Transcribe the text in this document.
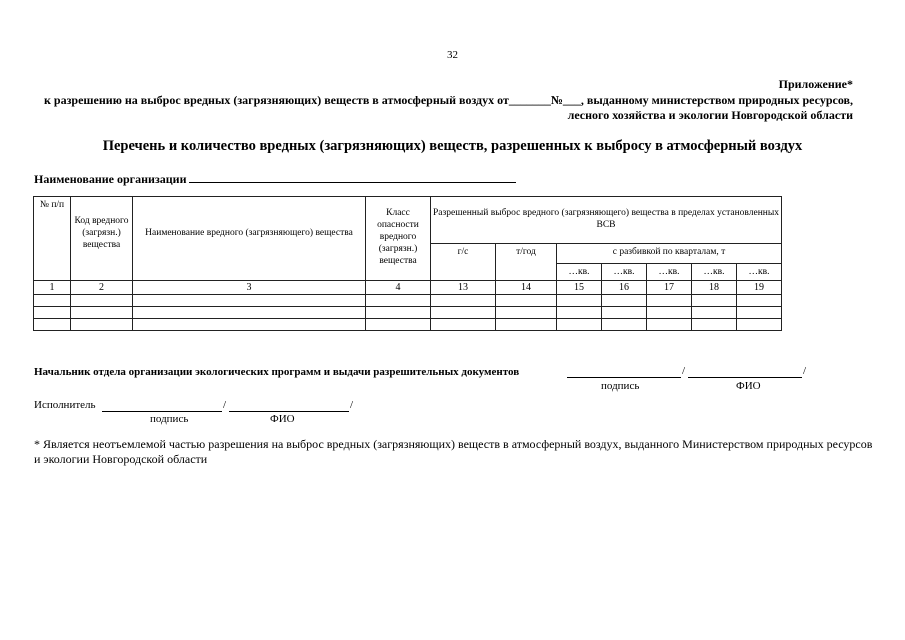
32
Приложение*
к разрешению на выброс вредных (загрязняющих) веществ в атмосферный воздух от_______№___, выданному министерством природных ресурсов, лесного хозяйства и экологии Новгородской области
Перечень и количество вредных (загрязняющих) веществ, разрешенных к выбросу в атмосферный воздух
Наименование организации
№ п/п	Код вредного (загрязн.) вещества	Наименование вредного (загрязняющего) вещества	Класс опасности вредного (загрязн.) вещества	Разрешенный выброс вредного (загрязняющего) вещества в пределах установленных ВСВ						
				г/с	т/год	с разбивкой по кварталам, т				
						…кв.	…кв.	…кв.	…кв.	…кв.
1	2	3	4	13	14	15	16	17	18	19

Начальник отдела организации экологических программ и выдачи разрешительных документов	/	/
подпись	ФИО
Исполнитель	/	/
подпись	ФИО
* Является неотъемлемой частью разрешения на выброс вредных (загрязняющих) веществ в атмосферный воздух, выданного Министерством природных ресурсов и экологии Новгородской области
